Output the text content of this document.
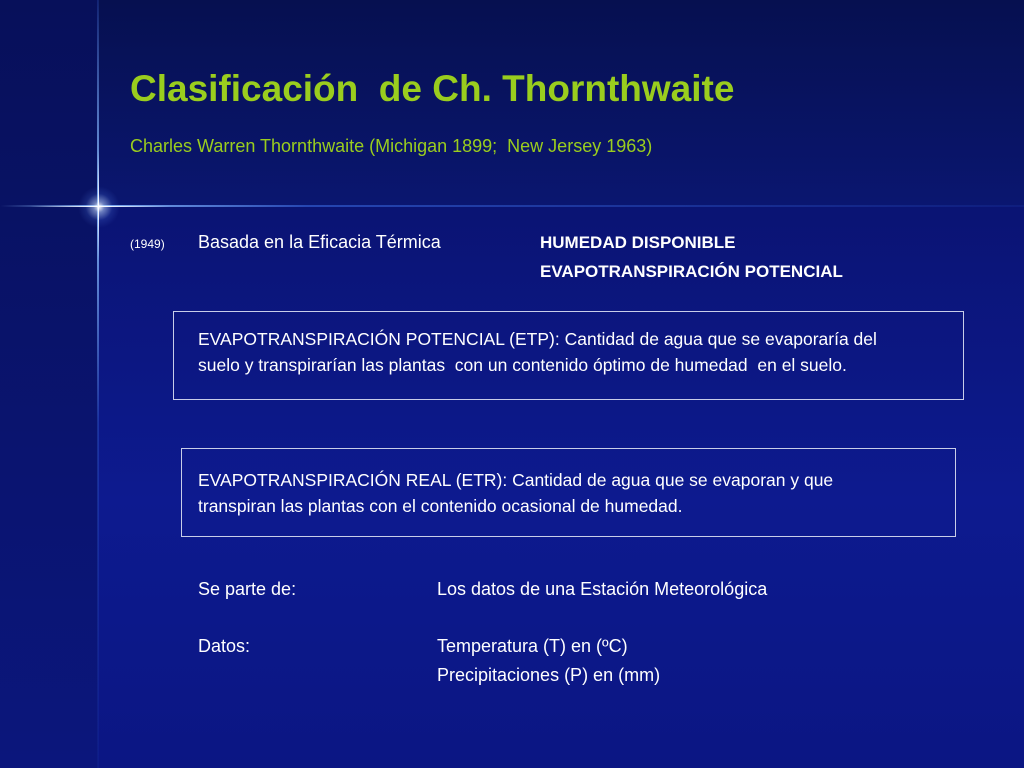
Clasificación  de Ch. Thornthwaite

Charles Warren Thornthwaite (Michigan 1899;  New Jersey 1963)

(1949) Basada en la Eficacia Térmica	HUMEDAD DISPONIBLE
EVAPOTRANSPIRACIÓN POTENCIAL
EVAPOTRANSPIRACIÓN POTENCIAL (ETP): Cantidad de agua que se evaporaría del
suelo y transpirarían las plantas  con un contenido óptimo de humedad  en el suelo.
EVAPOTRANSPIRACIÓN REAL (ETR): Cantidad de agua que se evaporan y que
transpiran las plantas con el contenido ocasional de humedad.
Se parte de:	Los datos de una Estación Meteorológica
Datos:	Temperatura (T) en (ºC)
Precipitaciones (P) en (mm)
